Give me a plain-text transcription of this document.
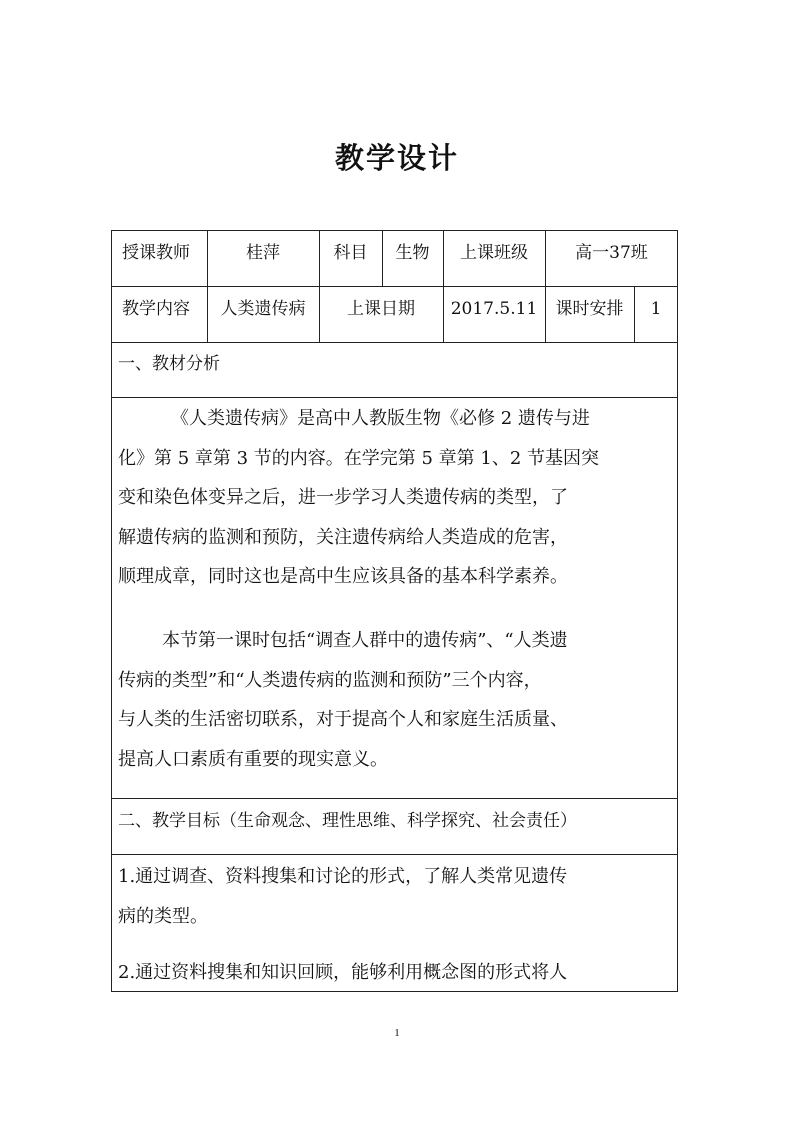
教学设计
授课教师	桂萍	科目	生物	上课班级	高一37班
教学内容	人类遗传病	上课日期	2017.5.11	课时安排	1
一、教材分析

《人类遗传病》是高中人教版生物《必修 2 遗传与进

化》第 5 章第 3 节的内容。在学完第 5 章第 1、2 节基因突

变和染色体变异之后，进一步学习人类遗传病的类型，了

解遗传病的监测和预防，关注遗传病给人类造成的危害，

顺理成章，同时这也是高中生应该具备的基本科学素养。

本节第一课时包括“调查人群中的遗传病”、“人类遗

传病的类型”和“人类遗传病的监测和预防”三个内容，

与人类的生活密切联系，对于提高个人和家庭生活质量、

提高人口素质有重要的现实意义。

二、教学目标（生命观念、理性思维、科学探究、社会责任）

1.通过调查、资料搜集和讨论的形式，了解人类常见遗传

病的类型。

2.通过资料搜集和知识回顾，能够利用概念图的形式将人

1
